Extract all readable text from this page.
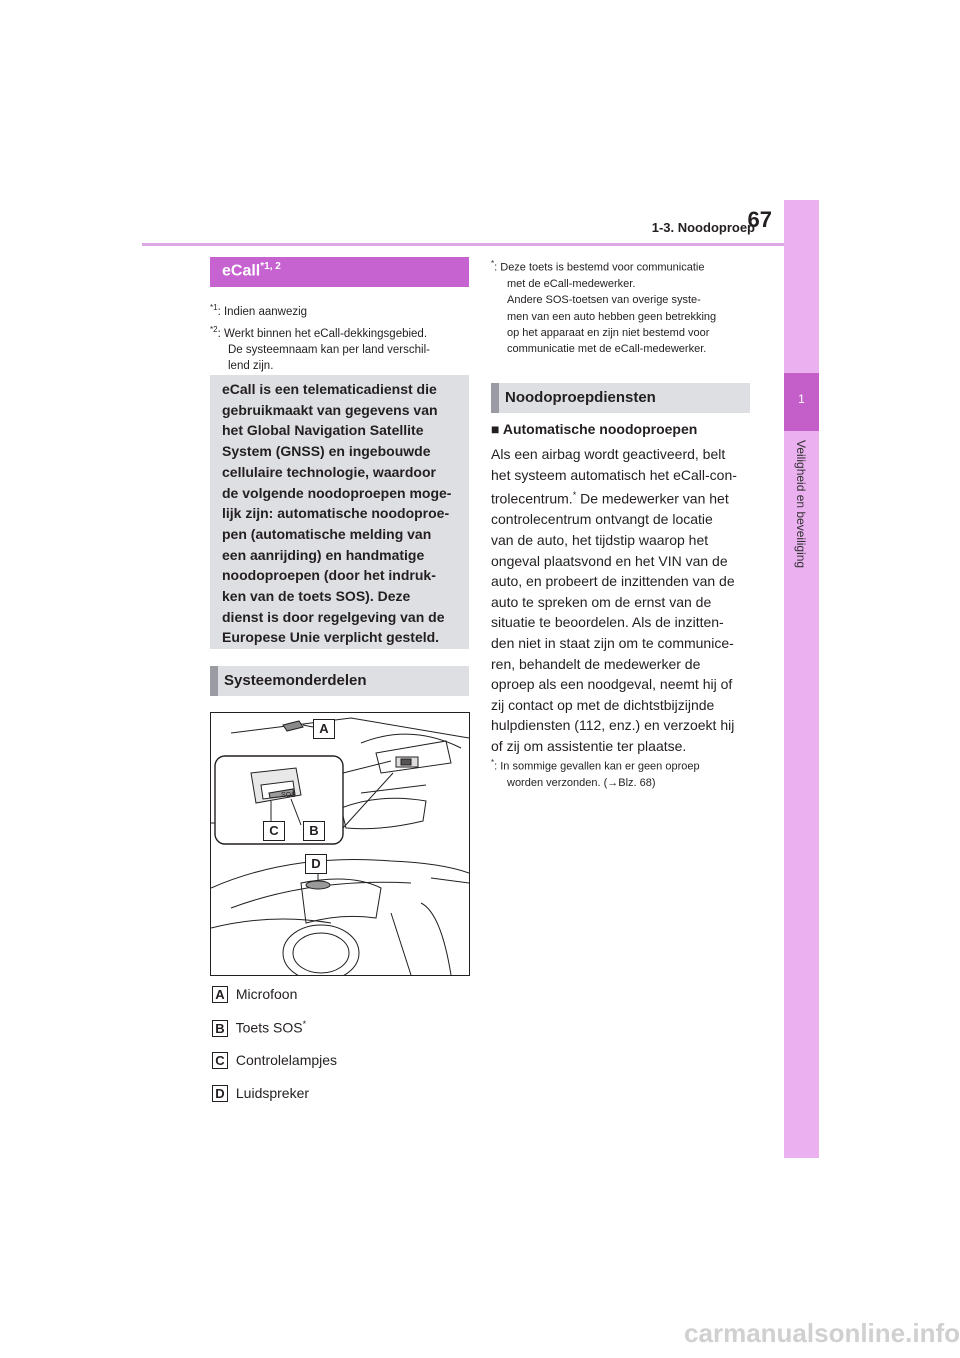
1-3. Noodoproep
67
1
Veiligheid en beveiliging
eCall$^{*1, 2}$
$^{*1}$: Indien aanwezig
$^{*2}$: Werkt binnen het eCall-dekkingsgebied.
De systeemnaam kan per land verschil-
lend zijn.

eCall is een telematicadienst die
gebruikmaakt van gegevens van
het Global Navigation Satellite
System (GNSS) en ingebouwde
cellulaire technologie, waardoor
de volgende noodoproepen moge-
lijk zijn: automatische noodoproe-
pen (automatische melding van
een aanrijding) en handmatige
noodoproepen (door het indruk-
ken van de toets SOS). Deze
dienst is door regelgeving van de
Europese Unie verplicht gesteld.

Systeemonderdelen
SOS
A
B
C
D
A Microfoon
B Toets SOS*
C Controlelampjes
D Luidspreker
*: Deze toets is bestemd voor communicatie
met de eCall-medewerker.
Andere SOS-toetsen van overige syste-
men van een auto hebben geen betrekking
op het apparaat en zijn niet bestemd voor
communicatie met de eCall-medewerker.
Noodoproepdiensten
■ Automatische noodoproepen
Als een airbag wordt geactiveerd, belt
het systeem automatisch het eCall-con-
trolecentrum.* De medewerker van het
controlecentrum ontvangt de locatie
van de auto, het tijdstip waarop het
ongeval plaatsvond en het VIN van de
auto, en probeert de inzittenden van de
auto te spreken om de ernst van de
situatie te beoordelen. Als de inzitten-
den niet in staat zijn om te communice-
ren, behandelt de medewerker de
oproep als een noodgeval, neemt hij of
zij contact op met de dichtstbijzijnde
hulpdiensten (112, enz.) en verzoekt hij
of zij om assistentie ter plaatse.
*: In sommige gevallen kan er geen oproep
worden verzonden. (→Blz. 68)
carmanualsonline.info
